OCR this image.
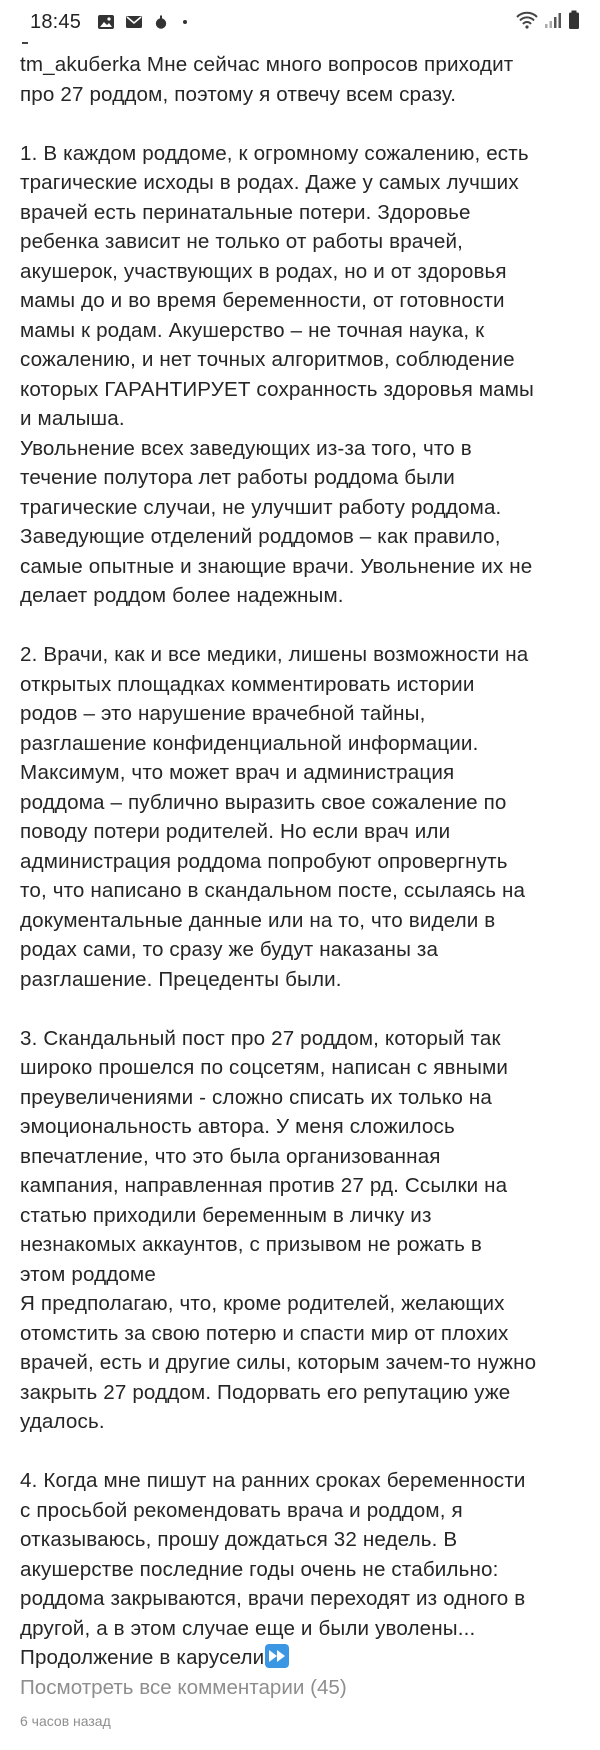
18:45
tm_akuбerka Мне сейчас много вопросов приходит
про 27 роддом, поэтому я отвечу всем сразу.
1. В каждом роддоме, к огромному сожалению, есть
трагические исходы в родах. Даже у самых лучших
врачей есть перинатальные потери. Здоровье
ребенка зависит не только от работы врачей,
акушерок, участвующих в родах, но и от здоровья
мамы до и во время беременности, от готовности
мамы к родам. Акушерство – не точная наука, к
сожалению, и нет точных алгоритмов, соблюдение
которых ГАРАНТИРУЕТ сохранность здоровья мамы
и малыша.
Увольнение всех заведующих из-за того, что в
течение полутора лет работы роддома были
трагические случаи, не улучшит работу роддома.
Заведующие отделений роддомов – как правило,
самые опытные и знающие врачи. Увольнение их не
делает роддом более надежным.
2. Врачи, как и все медики, лишены возможности на
открытых площадках комментировать истории
родов – это нарушение врачебной тайны,
разглашение конфиденциальной информации.
Максимум, что может врач и администрация
роддома – публично выразить свое сожаление по
поводу потери родителей. Но если врач или
администрация роддома попробуют опровергнуть
то, что написано в скандальном посте, ссылаясь на
документальные данные или на то, что видели в
родах сами, то сразу же будут наказаны за
разглашение. Прецеденты были.
3. Скандальный пост про 27 роддом, который так
широко прошелся по соцсетям, написан с явными
преувеличениями - сложно списать их только на
эмоциональность автора. У меня сложилось
впечатление, что это была организованная
кампания, направленная против 27 рд. Ссылки на
статью приходили беременным в личку из
незнакомых аккаунтов, с призывом не рожать в
этом роддоме
Я предполагаю, что, кроме родителей, желающих
отомстить за свою потерю и спасти мир от плохих
врачей, есть и другие силы, которым зачем-то нужно
закрыть 27 роддом. Подорвать его репутацию уже
удалось.
4. Когда мне пишут на ранних сроках беременности
с просьбой рекомендовать врача и роддом, я
отказываюсь, прошу дождаться 32 недель. В
акушерстве последние годы очень не стабильно:
роддома закрываются, врачи переходят из одного в
другой, а в этом случае еще и были уволены...
Продолжение в карусели
Посмотреть все комментарии (45)
6 часов назад
